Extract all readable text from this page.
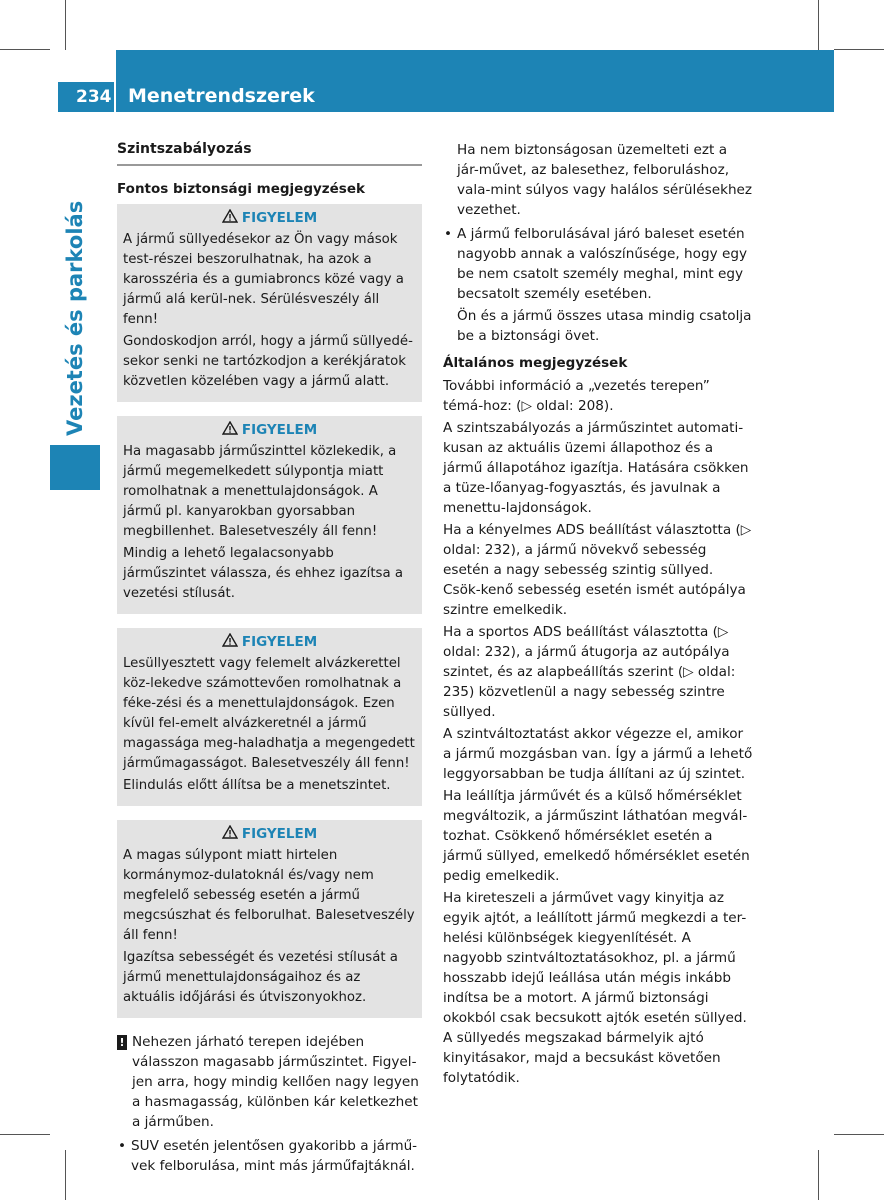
234 Menetrendszerek
Vezetés és parkolás
Szintszabályozás
Fontos biztonsági megjegyzések
FIGYELEM

A jármű süllyedésekor az Ön vagy mások test-részei beszorulhatnak, ha azok a karosszéria és a gumiabroncs közé vagy a jármű alá kerül-nek. Sérülésveszély áll fenn!

Gondoskodjon arról, hogy a jármű süllyedé-sekor senki ne tartózkodjon a kerékjáratok közvetlen közelében vagy a jármű alatt.

FIGYELEM

Ha magasabb járműszinttel közlekedik, a jármű megemelkedett súlypontja miatt romolhatnak a menettulajdonságok. A jármű pl. kanyarokban gyorsabban megbillenhet. Balesetveszély áll fenn!

Mindig a lehető legalacsonyabb járműszintet válassza, és ehhez igazítsa a vezetési stílusát.

FIGYELEM

Lesüllyesztett vagy felemelt alvázkerettel köz-lekedve számottevően romolhatnak a féke-zési és a menettulajdonságok. Ezen kívül fel-emelt alvázkeretnél a jármű magassága meg-haladhatja a megengedett járműmagasságot. Balesetveszély áll fenn!

Elindulás előtt állítsa be a menetszintet.

FIGYELEM

A magas súlypont miatt hirtelen kormánymoz-dulatoknál és/vagy nem megfelelő sebesség esetén a jármű megcsúszhat és felborulhat. Balesetveszély áll fenn!

Igazítsa sebességét és vezetési stílusát a jármű menettulajdonságaihoz és az aktuális időjárási és útviszonyokhoz.

! Nehezen járható terepen idejében válasszon magasabb járműszintet. Figyel-jen arra, hogy mindig kellően nagy legyen a hasmagasság, különben kár keletkezhet a járműben.
• SUV esetén jelentősen gyakoribb a jármű-vek felborulása, mint más járműfajtáknál.
Ha nem biztonságosan üzemelteti ezt a jár-művet, az balesethez, felboruláshoz, vala-mint súlyos vagy halálos sérülésekhez vezethet.
• A jármű felborulásával járó baleset esetén nagyobb annak a valószínűsége, hogy egy be nem csatolt személy meghal, mint egy becsatolt személy esetében.
Ön és a jármű összes utasa mindig csatolja be a biztonsági övet.
Általános megjegyzések

További információ a „vezetés terepen” témá-hoz: (▷ oldal: 208).

A szintszabályozás a járműszintet automati-kusan az aktuális üzemi állapothoz és a jármű állapotához igazítja. Hatására csökken a tüze-lőanyag-fogyasztás, és javulnak a menettu-lajdonságok.

Ha a kényelmes ADS beállítást választotta (▷ oldal: 232), a jármű növekvő sebesség esetén a nagy sebesség szintig süllyed. Csök-kenő sebesség esetén ismét autópálya szintre emelkedik.

Ha a sportos ADS beállítást választotta (▷ oldal: 232), a jármű átugorja az autópálya szintet, és az alapbeállítás szerint (▷ oldal: 235) közvetlenül a nagy sebesség szintre süllyed.

A szintváltoztatást akkor végezze el, amikor a jármű mozgásban van. Így a jármű a lehető leggyorsabban be tudja állítani az új szintet.

Ha leállítja járművét és a külső hőmérséklet megváltozik, a járműszint láthatóan megvál-tozhat. Csökkenő hőmérséklet esetén a jármű süllyed, emelkedő hőmérséklet esetén pedig emelkedik.

Ha kireteszeli a járművet vagy kinyitja az egyik ajtót, a leállított jármű megkezdi a ter-helési különbségek kiegyenlítését. A nagyobb szintváltoztatásokhoz, pl. a jármű hosszabb idejű leállása után mégis inkább indítsa be a motort. A jármű biztonsági okokból csak becsukott ajtók esetén süllyed. A süllyedés megszakad bármelyik ajtó kinyitásakor, majd a becsukást követően folytatódik.
